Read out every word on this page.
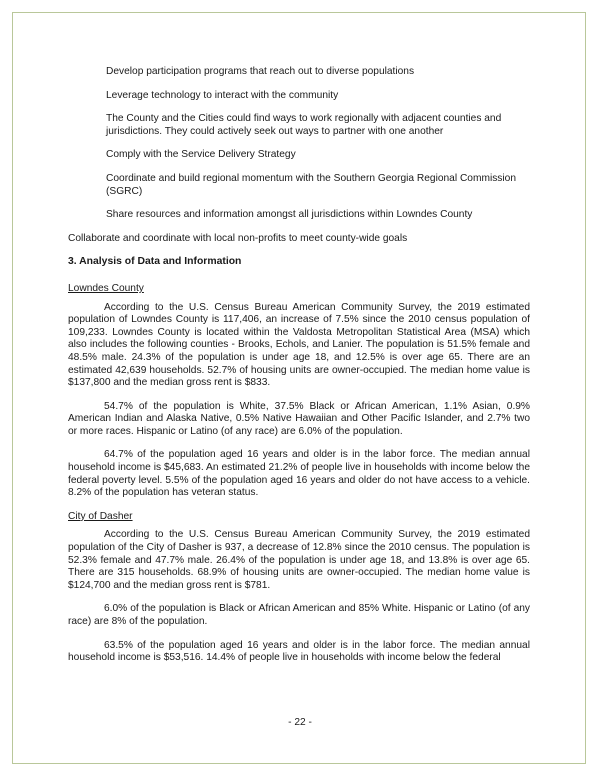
Develop participation programs that reach out to diverse populations

Leverage technology to interact with the community

The County and the Cities could find ways to work regionally with adjacent counties and jurisdictions. They could actively seek out ways to partner with one another

Comply with the Service Delivery Strategy

Coordinate and build regional momentum with the Southern Georgia Regional Commission (SGRC)

Share resources and information amongst all jurisdictions within Lowndes County

Collaborate and coordinate with local non-profits to meet county-wide goals

3. Analysis of Data and Information

Lowndes County

According to the U.S. Census Bureau American Community Survey, the 2019 estimated population of Lowndes County is 117,406, an increase of 7.5% since the 2010 census population of 109,233. Lowndes County is located within the Valdosta Metropolitan Statistical Area (MSA) which also includes the following counties - Brooks, Echols, and Lanier. The population is 51.5% female and 48.5% male. 24.3% of the population is under age 18, and 12.5% is over age 65. There are an estimated 42,639 households. 52.7% of housing units are owner-occupied. The median home value is $137,800 and the median gross rent is $833.

54.7% of the population is White, 37.5% Black or African American, 1.1% Asian, 0.9% American Indian and Alaska Native, 0.5% Native Hawaiian and Other Pacific Islander, and 2.7% two or more races. Hispanic or Latino (of any race) are 6.0% of the population.

64.7% of the population aged 16 years and older is in the labor force. The median annual household income is $45,683. An estimated 21.2% of people live in households with income below the federal poverty level. 5.5% of the population aged 16 years and older do not have access to a vehicle. 8.2% of the population has veteran status.

City of Dasher

According to the U.S. Census Bureau American Community Survey, the 2019 estimated population of the City of Dasher is 937, a decrease of 12.8% since the 2010 census. The population is 52.3% female and 47.7% male. 26.4% of the population is under age 18, and 13.8% is over age 65. There are 315 households. 68.9% of housing units are owner-occupied. The median home value is $124,700 and the median gross rent is $781.

6.0% of the population is Black or African American and 85% White. Hispanic or Latino (of any race) are 8% of the population.

63.5% of the population aged 16 years and older is in the labor force. The median annual household income is $53,516. 14.4% of people live in households with income below the federal

- 22 -
